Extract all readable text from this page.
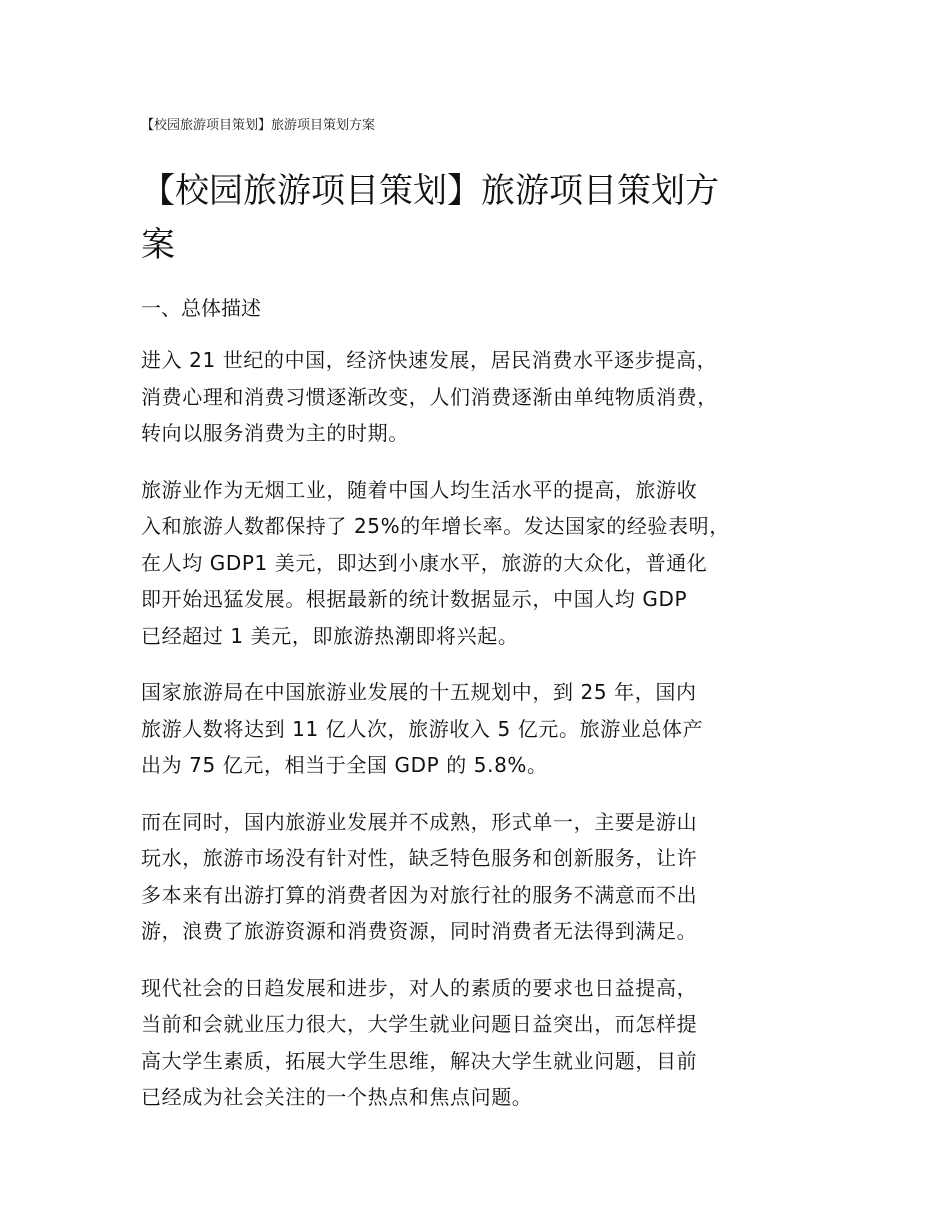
【校园旅游项目策划】旅游项目策划方案
【校园旅游项目策划】旅游项目策划方
案
一、总体描述

进入 21 世纪的中国，经济快速发展，居民消费水平逐步提高，
消费心理和消费习惯逐渐改变，人们消费逐渐由单纯物质消费，
转向以服务消费为主的时期。

旅游业作为无烟工业，随着中国人均生活水平的提高，旅游收
入和旅游人数都保持了 25%的年增长率。发达国家的经验表明，
在人均 GDP1 美元，即达到小康水平，旅游的大众化，普通化
即开始迅猛发展。根据最新的统计数据显示，中国人均 GDP
已经超过 1 美元，即旅游热潮即将兴起。

国家旅游局在中国旅游业发展的十五规划中，到 25 年，国内
旅游人数将达到 11 亿人次，旅游收入 5 亿元。旅游业总体产
出为 75 亿元，相当于全国 GDP 的 5.8%。

而在同时，国内旅游业发展并不成熟，形式单一，主要是游山
玩水，旅游市场没有针对性，缺乏特色服务和创新服务，让许
多本来有出游打算的消费者因为对旅行社的服务不满意而不出
游，浪费了旅游资源和消费资源，同时消费者无法得到满足。

现代社会的日趋发展和进步，对人的素质的要求也日益提高，
当前和会就业压力很大，大学生就业问题日益突出，而怎样提
高大学生素质，拓展大学生思维，解决大学生就业问题，目前
已经成为社会关注的一个热点和焦点问题。
